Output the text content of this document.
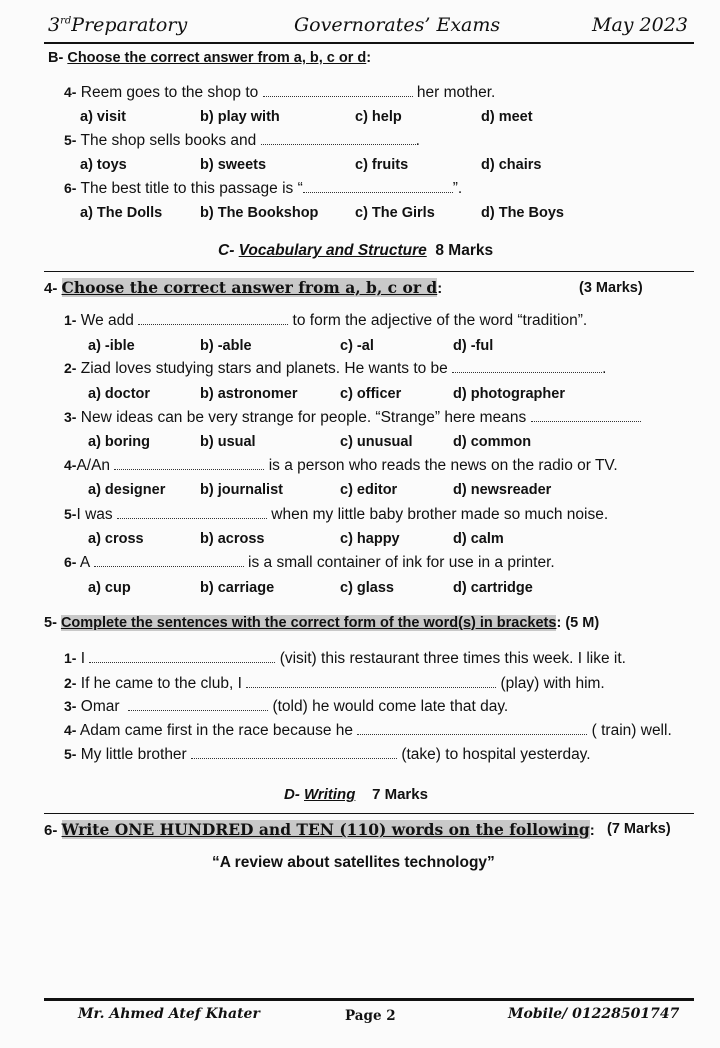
3rdPreparatory	Governorates’ Exams	May 2023
B- Choose the correct answer from a, b, c or d:
4- Reem goes to the shop to	her mother.
a) visit	b) play with	c) help	d) meet
5- The shop sells books and	.
a) toys	b) sweets	c) fruits	d) chairs
6- The best title to this passage is “	”.
a) The Dolls	b) The Bookshop	c) The Girls	d) The Boys
C- Vocabulary and Structure 8 Marks
4- Choose the correct answer from a, b, c or d:	(3 Marks)
1- We add	to form the adjective of the word “tradition”.
a) -ible	b) -able	c) -al	d) -ful
2- Ziad loves studying stars and planets. He wants to be	.
a) doctor	b) astronomer	c) officer	d) photographer
3- New ideas can be very strange for people. “Strange” here means
a) boring	b) usual	c) unusual	d) common
4-A/An	is a person who reads the news on the radio or TV.
a) designer b) journalist	c) editor	d) newsreader
5-I was	when my little baby brother made so much noise.
a) cross	b) across	c) happy	d) calm
6- A	is a small container of ink for use in a printer.
a) cup	b) carriage	c) glass	d) cartridge
5- Complete the sentences with the correct form of the word(s) in brackets: (5 M)
1- I	(visit) this restaurant three times this week. I like it.
2- If he came to the club, I	(play) with him.
3- Omar	(told) he would come late that day.
4- Adam came first in the race because he	( train) well.
5- My little brother	(take) to hospital yesterday.
D- Writing 7 Marks
6- Write ONE HUNDRED and TEN (110) words on the following: (7 Marks)
“A review about satellites technology”
Mr. Ahmed Atef Khater	Page 2	Mobile/ 01228501747
